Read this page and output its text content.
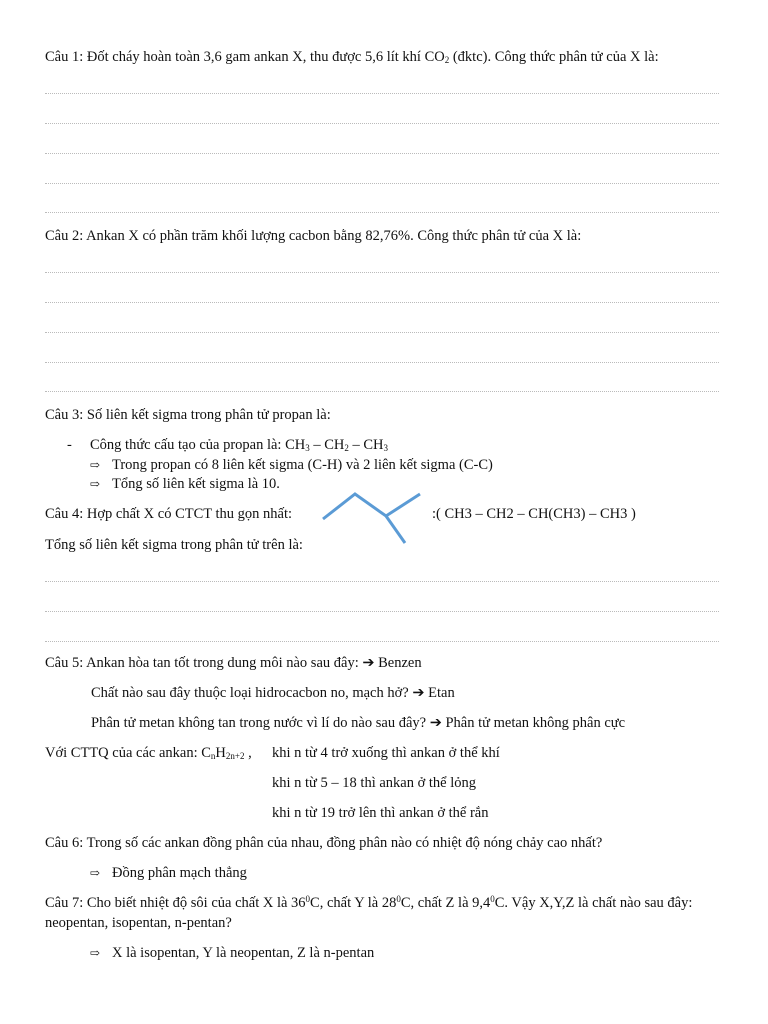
Câu 1: Đốt cháy hoàn toàn 3,6 gam ankan X, thu được 5,6 lít khí $CO_2$ (đktc). Công thức phân tử của X là:
Câu 2: Ankan X có phần trăm khối lượng cacbon bằng 82,76%. Công thức phân tử của X là:
Câu 3: Số liên kết sigma trong phân tử propan là:
- Công thức cấu tạo của propan là: $CH_3 - CH_2 - CH_3$
⇨ Trong propan có 8 liên kết sigma (C-H) và 2 liên kết sigma (C-C)
⇨ Tổng số liên kết sigma là 10.
Câu 4: Hợp chất X có CTCT thu gọn nhất:	:( CH3 – CH2 – CH(CH3) – CH3 )
Tổng số liên kết sigma trong phân tử trên là:
Câu 5: Ankan hòa tan tốt trong dung môi nào sau đây: ➔ Benzen
Chất nào sau đây thuộc loại hidrocacbon no, mạch hở? ➔ Etan
Phân tử metan không tan trong nước vì lí do nào sau đây? ➔ Phân tử metan không phân cực
Với CTTQ của các ankan: $C_nH_{2n+2}$ , khi n từ 4 trở xuống thì ankan ở thể khí
khi n từ 5 – 18 thì ankan ở thể lỏng
khi n từ 19 trở lên thì ankan ở thể rắn
Câu 6: Trong số các ankan đồng phân của nhau, đồng phân nào có nhiệt độ nóng chảy cao nhất?
⇨ Đồng phân mạch thẳng
Câu 7: Cho biết nhiệt độ sôi của chất X là $36^0C$, chất Y là $28^0C$, chất Z là $9,4^0C$. Vậy X,Y,Z là chất nào sau đây:
neopentan, isopentan, n-pentan?
⇨ X là isopentan, Y là neopentan, Z là n-pentan
